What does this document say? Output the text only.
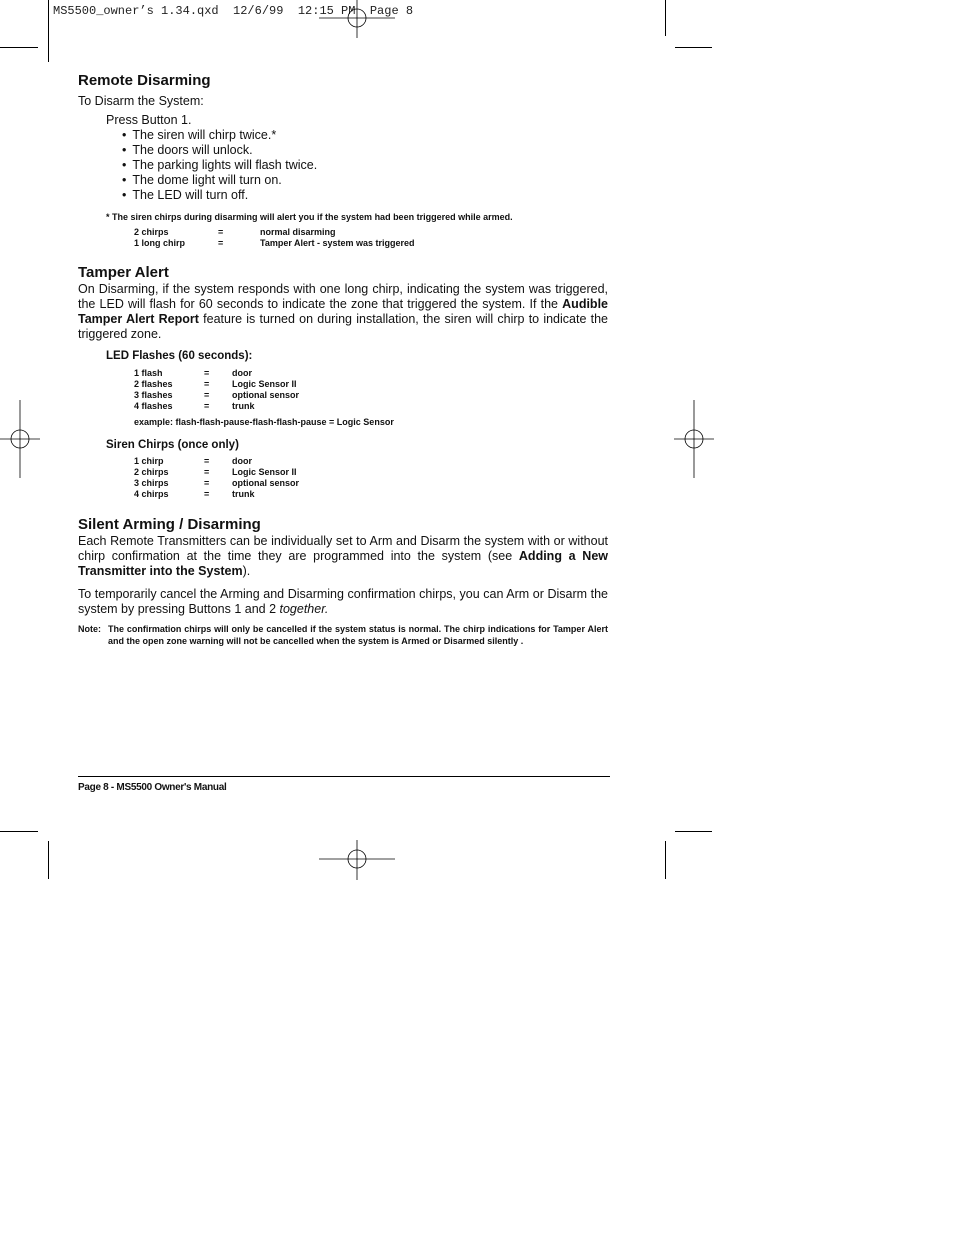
MS5500_owner’s 1.34.qxd  12/6/99  12:15 PM  Page 8
Remote Disarming

To Disarm the System:

Press Button 1.

• The siren will chirp twice.*
• The doors will unlock.
• The parking lights will flash twice.
• The dome light will turn on.
• The LED will turn off.
* The siren chirps during disarming will alert you if the system had been triggered while armed.
2 chirps	=	normal disarming
1 long chirp	=	Tamper Alert - system was triggered
Tamper Alert

On Disarming, if the system responds with one long chirp, indicating the system was triggered, the LED will flash for 60 seconds to indicate the zone that triggered the system. If the Audible Tamper Alert Report feature is turned on during installation, the siren will chirp to indicate the triggered zone.

LED Flashes (60 seconds):
1 flash	=	door
2 flashes	=	Logic Sensor II
3 flashes	=	optional sensor
4 flashes	=	trunk
example: flash-flash-pause-flash-flash-pause = Logic Sensor
Siren Chirps (once only)
1 chirp	=	door
2 chirps	=	Logic Sensor II
3 chirps	=	optional sensor
4 chirps	=	trunk
Silent Arming / Disarming

Each Remote Transmitters can be individually set to Arm and Disarm the system with or without chirp confirmation at the time they are programmed into the system (see Adding a New Transmitter into the System).

To temporarily cancel the Arming and Disarming confirmation chirps, you can Arm or Disarm the system by pressing Buttons 1 and 2 together.

Note: The confirmation chirps will only be cancelled if the system status is normal. The chirp indications for Tamper Alert and the open zone warning will not be cancelled when the system is Armed or Disarmed silently .
Page 8 - MS5500 Owner's Manual
